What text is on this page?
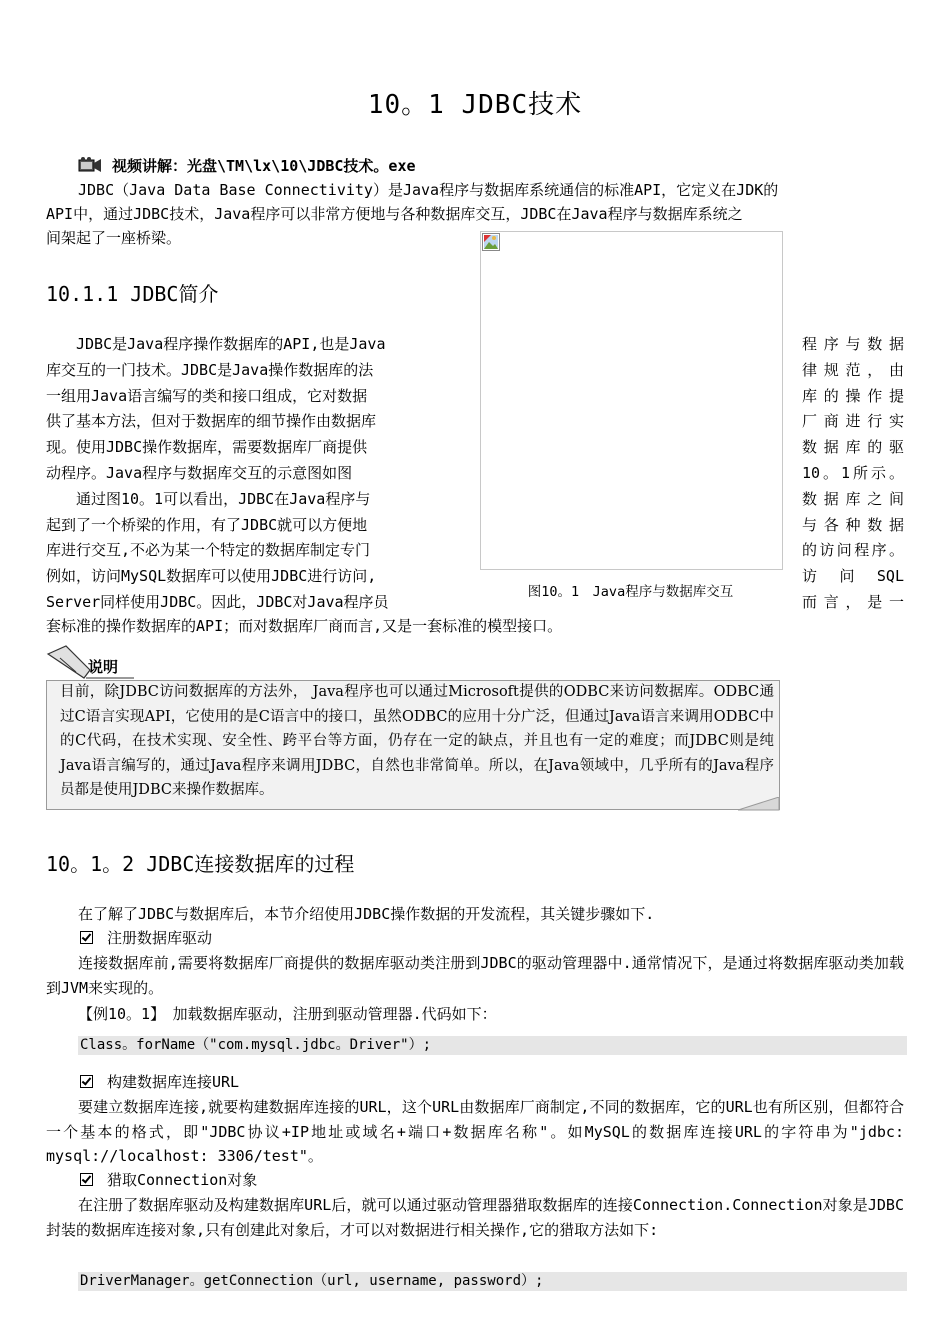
10。1 JDBC技术
视频讲解：光盘\TM\lx\10\JDBC技术。exe
JDBC（Java Data Base Connectivity）是Java程序与数据库系统通信的标准API，它定义在JDK的
API中，通过JDBC技术，Java程序可以非常方便地与各种数据库交互，JDBC在Java程序与数据库系统之
间架起了一座桥梁。
10.1.1 JDBC简介
图10。1　Java程序与数据库交互
　　JDBC是Java程序操作数据库的API,也是Java
库交互的一门技术。JDBC是Java操作数据库的法
一组用Java语言编写的类和接口组成，它对数据
供了基本方法，但对于数据库的细节操作由数据库
现。使用JDBC操作数据库，需要数据库厂商提供
动程序。Java程序与数据库交互的示意图如图
　　通过图10。1可以看出，JDBC在Java程序与
起到了一个桥梁的作用，有了JDBC就可以方便地
库进行交互,不必为某一个特定的数据库制定专门
例如，访问MySQL数据库可以使用JDBC进行访问,
Server同样使用JDBC。因此，JDBC对Java程序员
程序与数据
律规范，由
库的操作提
厂商进行实
数据库的驱
10。1所示。
数据库之间
与各种数据
的访问程序。
访　问　SQL
而言，是一
套标准的操作数据库的API；而对数据库厂商而言,又是一套标准的模型接口。
说明
目前，除JDBC访问数据库的方法外， Java程序也可以通过Microsoft提供的ODBC来访问数据库。ODBC通过C语言实现API，它使用的是C语言中的接口，虽然ODBC的应用十分广泛，但通过Java语言来调用ODBC中的C代码，在技术实现、安全性、跨平台等方面，仍存在一定的缺点，并且也有一定的难度；而JDBC则是纯Java语言编写的，通过Java程序来调用JDBC，自然也非常简单。所以，在Java领域中，几乎所有的Java程序员都是使用JDBC来操作数据库。
10。1。2 JDBC连接数据库的过程
在了解了JDBC与数据库后，本节介绍使用JDBC操作数据的开发流程，其关键步骤如下.
注册数据库驱动
连接数据库前,需要将数据库厂商提供的数据库驱动类注册到JDBC的驱动管理器中.通常情况下，是通过将数据库驱动类加载到JVM来实现的。
【例10。1】　加载数据库驱动，注册到驱动管理器.代码如下：
Class。forName（"com.mysql.jdbc。Driver"）;
构建数据库连接URL
要建立数据库连接,就要构建数据库连接的URL，这个URL由数据库厂商制定,不同的数据库，它的URL也有所区别，但都符合一个基本的格式，即"JDBC协议+IP地址或域名+端口+数据库名称"。如MySQL的数据库连接URL的字符串为"jdbc: mysql://localhost: 3306/test"。
猎取Connection对象
在注册了数据库驱动及构建数据库URL后，就可以通过驱动管理器猎取数据库的连接Connection.Connection对象是JDBC封装的数据库连接对象,只有创建此对象后，才可以对数据进行相关操作,它的猎取方法如下:
DriverManager。getConnection（url, username, password）;
